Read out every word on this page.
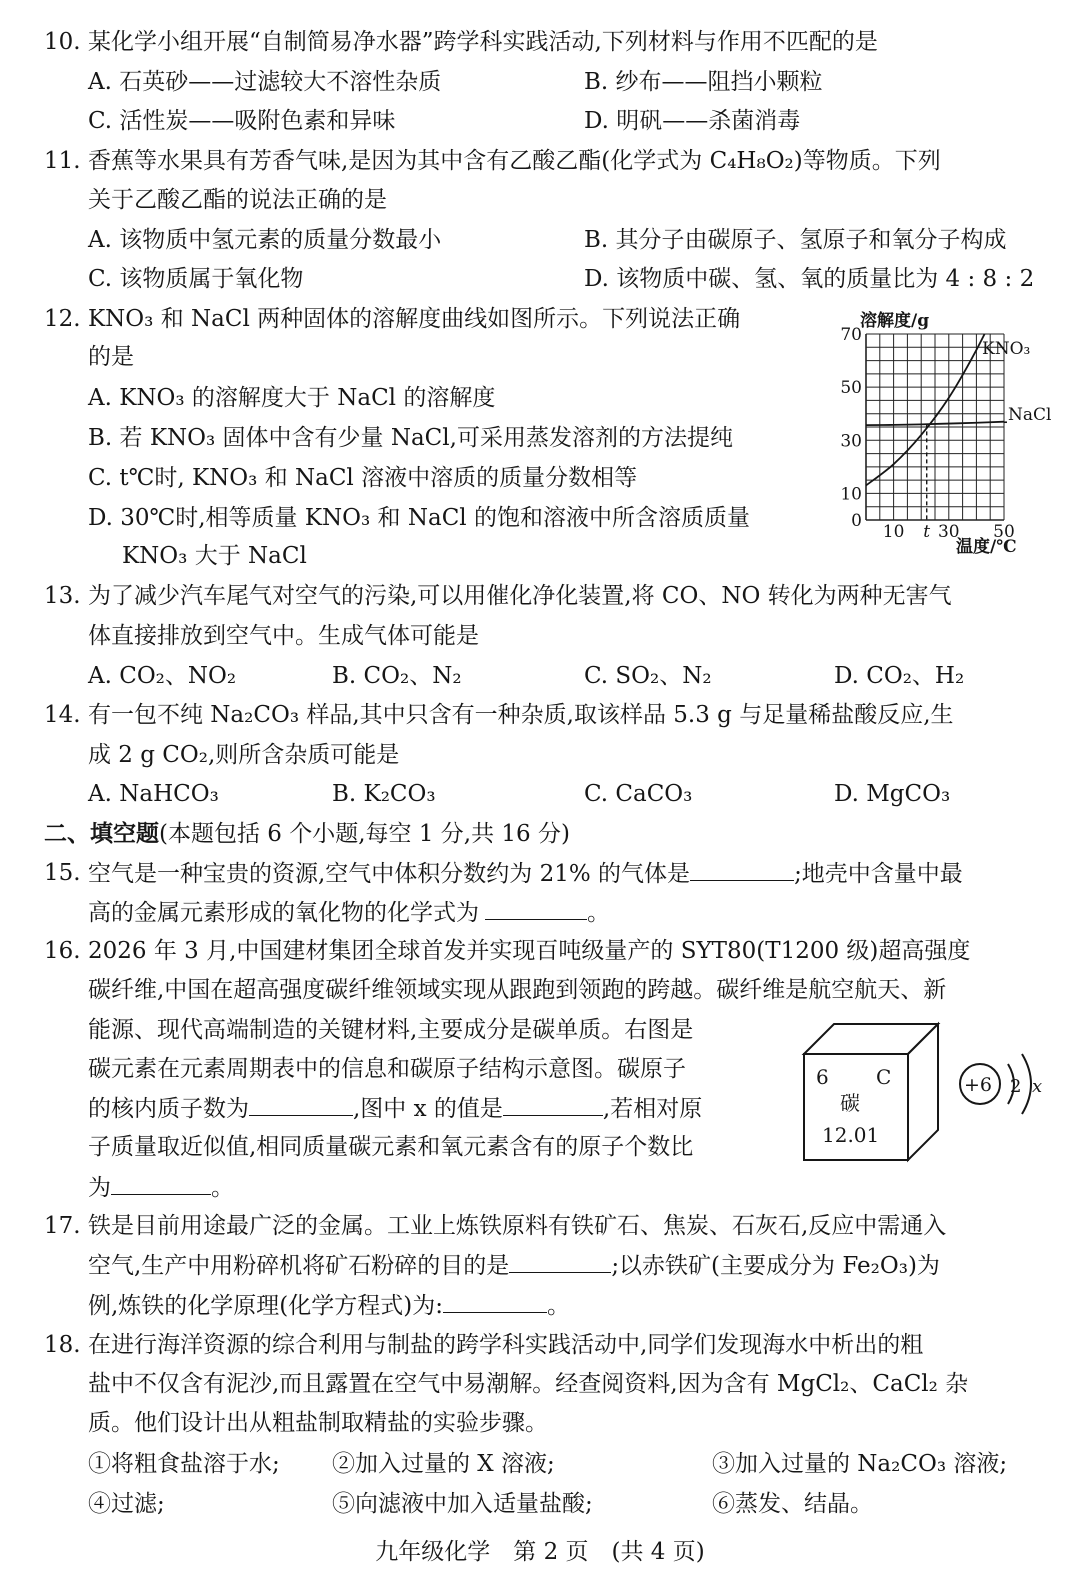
10. 某化学小组开展“自制简易净水器”跨学科实践活动,下列材料与作用不匹配的是
A. 石英砂——过滤较大不溶性杂质	B. 纱布——阻挡小颗粒
C. 活性炭——吸附色素和异味	D. 明矾——杀菌消毒
11. 香蕉等水果具有芳香气味,是因为其中含有乙酸乙酯(化学式为 C₄H₈O₂)等物质。下列
关于乙酸乙酯的说法正确的是
A. 该物质中氢元素的质量分数最小	B. 其分子由碳原子、氢原子和氧分子构成
C. 该物质属于氧化物	D. 该物质中碳、氢、氧的质量比为 4 : 8 : 2
12. KNO₃ 和 NaCl 两种固体的溶解度曲线如图所示。下列说法正确
的是
A. KNO₃ 的溶解度大于 NaCl 的溶解度
B. 若 KNO₃ 固体中含有少量 NaCl,可采用蒸发溶剂的方法提纯
C. t℃时, KNO₃ 和 NaCl 溶液中溶质的质量分数相等
D. 30℃时,相等质量 KNO₃ 和 NaCl 的饱和溶液中所含溶质质量
KNO₃ 大于 NaCl
溶解度/g
0
10
30
50
70
10 t 30 50
KNO₃
NaCl
温度/℃
13. 为了减少汽车尾气对空气的污染,可以用催化净化装置,将 CO、NO 转化为两种无害气
体直接排放到空气中。生成气体可能是
A. CO₂、NO₂	B. CO₂、N₂	C. SO₂、N₂	D. CO₂、H₂
14. 有一包不纯 Na₂CO₃ 样品,其中只含有一种杂质,取该样品 5.3 g 与足量稀盐酸反应,生
成 2 g CO₂,则所含杂质可能是
A. NaHCO₃	B. K₂CO₃	C. CaCO₃	D. MgCO₃
二、填空题(本题包括 6 个小题,每空 1 分,共 16 分)
15. 空气是一种宝贵的资源,空气中体积分数约为 21% 的气体是	;地壳中含量中最
高的金属元素形成的氧化物的化学式为	。
16. 2026 年 3 月,中国建材集团全球首发并实现百吨级量产的 SYT80(T1200 级)超高强度
碳纤维,中国在超高强度碳纤维领域实现从跟跑到领跑的跨越。碳纤维是航空航天、新
能源、现代高端制造的关键材料,主要成分是碳单质。右图是
碳元素在元素周期表中的信息和碳原子结构示意图。碳原子
的核内质子数为	,图中 x 的值是	,若相对原
子质量取近似值,相同质量碳元素和氧元素含有的原子个数比
为	。
6 C
碳
12.01
+6 2 x
17. 铁是目前用途最广泛的金属。工业上炼铁原料有铁矿石、焦炭、石灰石,反应中需通入
空气,生产中用粉碎机将矿石粉碎的目的是	;以赤铁矿(主要成分为 Fe₂O₃)为
例,炼铁的化学原理(化学方程式)为:	。
18. 在进行海洋资源的综合利用与制盐的跨学科实践活动中,同学们发现海水中析出的粗
盐中不仅含有泥沙,而且露置在空气中易潮解。经查阅资料,因为含有 MgCl₂、CaCl₂ 杂
质。他们设计出从粗盐制取精盐的实验步骤。
①将粗食盐溶于水; ②加入过量的 X 溶液;	③加入过量的 Na₂CO₃ 溶液;
④过滤;	⑤向滤液中加入适量盐酸;	⑥蒸发、结晶。
九年级化学　第 2 页　(共 4 页)
